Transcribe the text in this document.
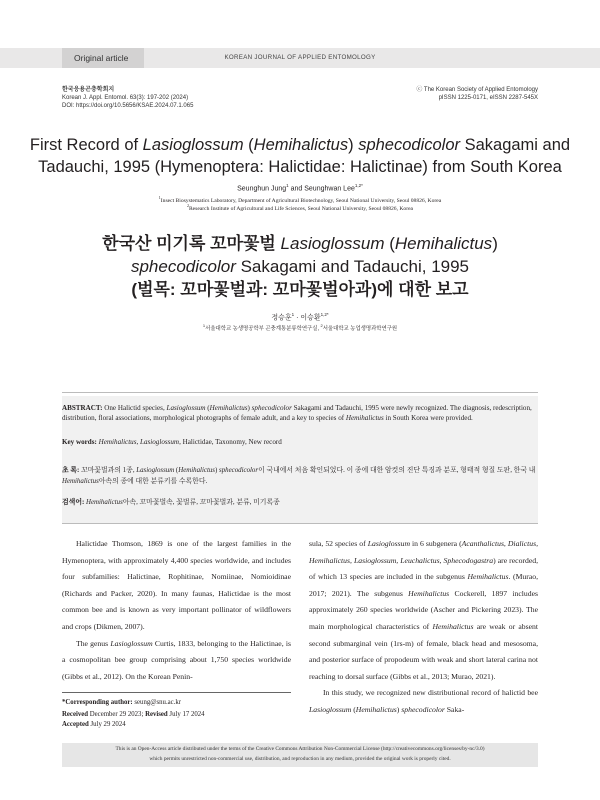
Original article	KOREAN JOURNAL OF APPLIED ENTOMOLOGY
한국응용곤충학회지
Korean J. Appl. Entomol. 63(3): 197-202 (2024)
DOI: https://doi.org/10.5656/KSAE.2024.07.1.065
ⓒ The Korean Society of Applied Entomology
pISSN 1225-0171, eISSN 2287-545X
First Record of Lasioglossum (Hemihalictus) sphecodicolor Sakagami and
Tadauchi, 1995 (Hymenoptera: Halictidae: Halictinae) from South Korea
Seunghun Jung$^1$ and Seunghwan Lee$^{1,2*}$
$^1$Insect Biosystematics Laboratory, Department of Agricultural Biotechnology, Seoul National University, Seoul 08826, Korea
$^2$Research Institute of Agricultural and Life Sciences, Seoul National University, Seoul 08826, Korea
한국산 미기록 꼬마꽃벌 Lasioglossum (Hemihalictus)
sphecodicolor Sakagami and Tadauchi, 1995
(벌목: 꼬마꽃벌과: 꼬마꽃벌아과)에 대한 보고
정승훈$^1$ · 이승환$^{1,2*}$
$^1$서울대학교 농생명공학부 곤충계통분류학연구실, $^2$서울대학교 농업생명과학연구원
ABSTRACT: One Halictid species, Lasioglossum (Hemihalictus) sphecodicolor Sakagami and Tadauchi, 1995 were newly recognized. The diagnosis, redescription, distribution, floral associations, morphological photographs of female adult, and a key to species of Hemihalictus in South Korea were provided.
Key words: Hemihalictus, Lasioglossum, Halictidae, Taxonomy, New record
초 록: 꼬마꽃벌과의 1종, Lasioglossum (Hemihalictus) sphecodicolor이 국내에서 처음 확인되었다. 이 종에 대한 암컷의 진단 특징과 분포, 형태적 형질 도판, 한국 내 Hemihalictus아속의 종에 대한 분류키를 수록한다.
검색어: Hemihalictus아속, 꼬마꽃벌속, 꽃벌류, 꼬마꽃벌과, 분류, 미기록종

Halictidae Thomson, 1869 is one of the largest families in the Hymenoptera, with approximately 4,400 species worldwide, and includes four subfamilies: Halictinae, Rophitinae, Nomiinae, Nomioidinae (Richards and Packer, 2020). In many faunas, Halictidae is the most common bee and is known as very important pollinator of wildflowers and crops (Dikmen, 2007).

The genus Lasioglossum Curtis, 1833, belonging to the Halictinae, is a cosmopolitan bee group comprising about 1,750 species worldwide (Gibbs et al., 2012). On the Korean Penin-

sula, 52 species of Lasioglossum in 6 subgenera (Acanthalictus, Dialictus, Hemihalictus, Lasioglossum, Leuchalictus, Sphecodogastra) are recorded, of which 13 species are included in the subgenus Hemihalictus. (Murao, 2017; 2021). The subgenus Hemihalictus Cockerell, 1897 includes approximately 260 species worldwide (Ascher and Pickering 2023). The main morphological characteristics of Hemihalictus are weak or absent second submarginal vein (1rs-m) of female, black head and mesosoma, and posterior surface of propodeum with weak and short lateral carina not reaching to dorsal surface (Gibbs et al., 2013; Murao, 2021).

In this study, we recognized new distributional record of halictid bee Lasioglossum (Hemihalictus) sphecodicolor Saka-

*Corresponding author: seung@snu.ac.kr
Received December 29 2023; Revised July 17 2024
Accepted July 29 2024
This is an Open-Access article distributed under the terms of the Creative Commons Attribution Non-Commercial License (http://creativecommons.org/licenses/by-nc/3.0)
which permits unrestricted non-commercial use, distribution, and reproduction in any medium, provided the original work is properly cited.
